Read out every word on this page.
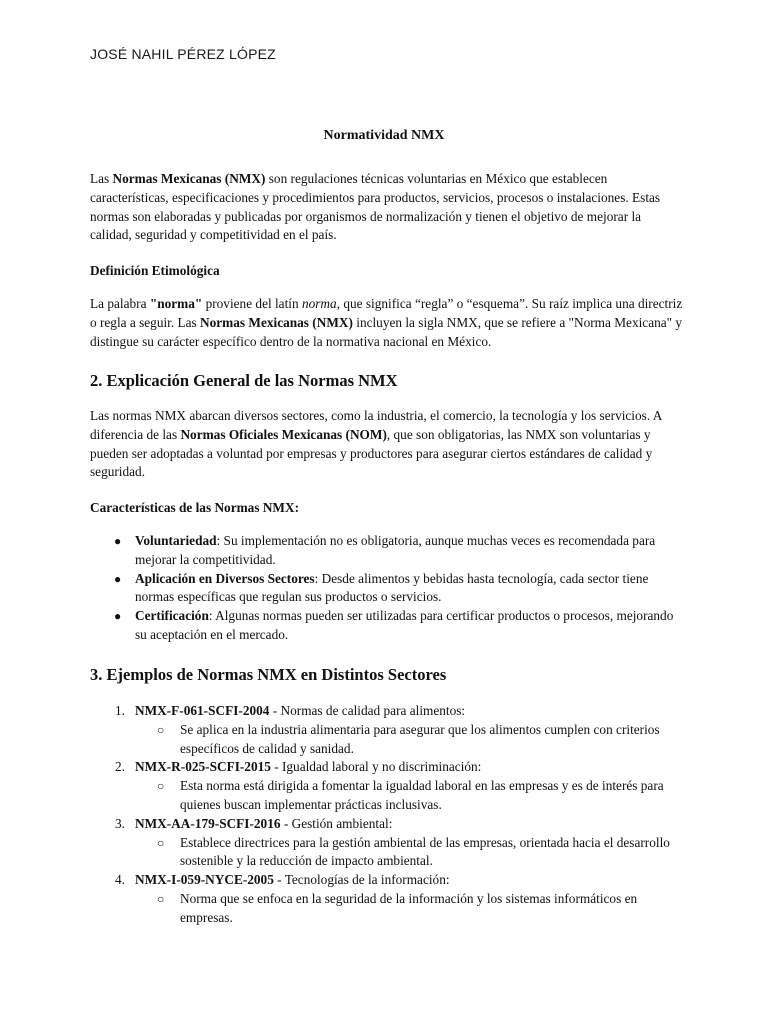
JOSÉ NAHIL PÉREZ LÓPEZ

Normatividad NMX

Las Normas Mexicanas (NMX) son regulaciones técnicas voluntarias en México que establecen características, especificaciones y procedimientos para productos, servicios, procesos o instalaciones. Estas normas son elaboradas y publicadas por organismos de normalización y tienen el objetivo de mejorar la calidad, seguridad y competitividad en el país.

Definición Etimológica

La palabra "norma" proviene del latín norma, que significa “regla” o “esquema”. Su raíz implica una directriz o regla a seguir. Las Normas Mexicanas (NMX) incluyen la sigla NMX, que se refiere a "Norma Mexicana" y distingue su carácter específico dentro de la normativa nacional en México.

2. Explicación General de las Normas NMX

Las normas NMX abarcan diversos sectores, como la industria, el comercio, la tecnología y los servicios. A diferencia de las Normas Oficiales Mexicanas (NOM), que son obligatorias, las NMX son voluntarias y pueden ser adoptadas a voluntad por empresas y productores para asegurar ciertos estándares de calidad y seguridad.

Características de las Normas NMX:

● Voluntariedad: Su implementación no es obligatoria, aunque muchas veces es recomendada para mejorar la competitividad.
● Aplicación en Diversos Sectores: Desde alimentos y bebidas hasta tecnología, cada sector tiene normas específicas que regulan sus productos o servicios.
● Certificación: Algunas normas pueden ser utilizadas para certificar productos o procesos, mejorando su aceptación en el mercado.
3. Ejemplos de Normas NMX en Distintos Sectores
1. NMX-F-061-SCFI-2004 - Normas de calidad para alimentos:
○ Se aplica en la industria alimentaria para asegurar que los alimentos cumplen con criterios específicos de calidad y sanidad.
2. NMX-R-025-SCFI-2015 - Igualdad laboral y no discriminación:
○ Esta norma está dirigida a fomentar la igualdad laboral en las empresas y es de interés para quienes buscan implementar prácticas inclusivas.
3. NMX-AA-179-SCFI-2016 - Gestión ambiental:
○ Establece directrices para la gestión ambiental de las empresas, orientada hacia el desarrollo sostenible y la reducción de impacto ambiental.
4. NMX-I-059-NYCE-2005 - Tecnologías de la información:
○ Norma que se enfoca en la seguridad de la información y los sistemas informáticos en empresas.
